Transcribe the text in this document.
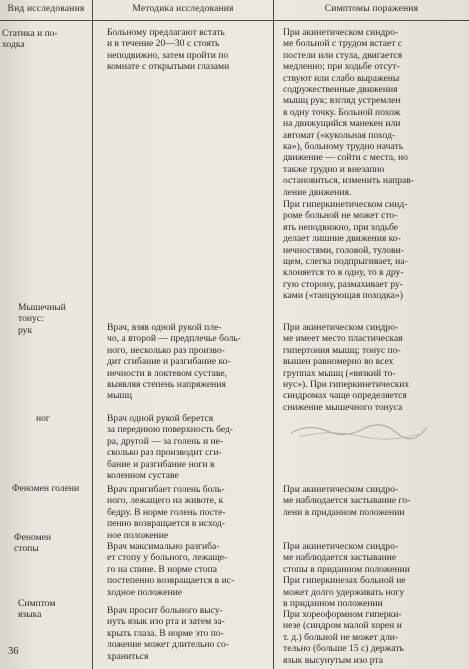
Вид исследования	Методика исследования	Симптомы поражения
Статика и по-
ходка
Мышечный
тонус:
рук
ног
Феномен голени
Феномен
стопы
Симптом
языка
Больному предлагают встать
и в течение 20—30 с стоять
неподвижно, затем пройти по
комнате с открытыми глазами
Врач, взяв одной рукой пле-
чо, а второй — предплечье боль-
ного, несколько раз произво-
дит сгибание и разгибание ко-
нечности в локтевом суставе,
выявляя степень напряжения
мышц
Врач одной рукой берется
за переднюю поверхность бед-
ра, другой — за голень и не-
сколько раз производит сги-
бание и разгибание ноги в
коленном суставе
Врач пригибает голень боль-
ного, лежащего на животе, к
бедру. В норме голень посте-
пенно возвращается в исход-
ное положение
Врач максимально разгиба-
ет стопу у больного, лежаще-
го на спине. В норме стопа
постепенно возвращается в ис-
ходное положение
Врач просит больного высу-
нуть язык изо рта и затем за-
крыть глаза. В норме это по-
ложение может длительно со-
храниться
При акинетическом синдро-
ме больной с трудом встает с
постели или стула, двигается
медленно; при ходьбе отсут-
ствуют или слабо выражены
содружественные движения
мышц рук; взгляд устремлен
в одну точку. Больной похож
на движущийся манекен или
автомат («кукольная поход-
ка»), больному трудно начать
движение — сойти с места, но
также трудно и внезапно
остановиться, изменить направ-
ление движения.
При гиперкинетическом синд-
роме больной не может сто-
ять неподвижно, при ходьбе
делает лишние движения ко-
нечностями, головой, тулови-
щем, слегка подпрыгивает, на-
клоняется то в одну, то в дру-
гую сторону, размахивает ру-
ками («танцующая походка»)
При акинетическом синдро-
ме имеет место пластическая
гипертония мышц; тонус по-
вышен равномерно во всех
группах мышц («вязкий то-
нус»). При гиперкинетических
синдромах чаще определяется
снижение мышечного тонуса
При акинетическом синдро-
ме наблюдается застывание го-
лени в приданном положении
При акинетическом синдро-
ме наблюдается застывание
стопы в приданном положении
При гиперкинезах больной не
может долго удерживать ногу
в приданном положении
При хореоформном гиперки-
незе (синдром малой хорен и
т. д.) больной не может дли-
тельно (больше 15 с) держать
язык высунутым изо рта
36
